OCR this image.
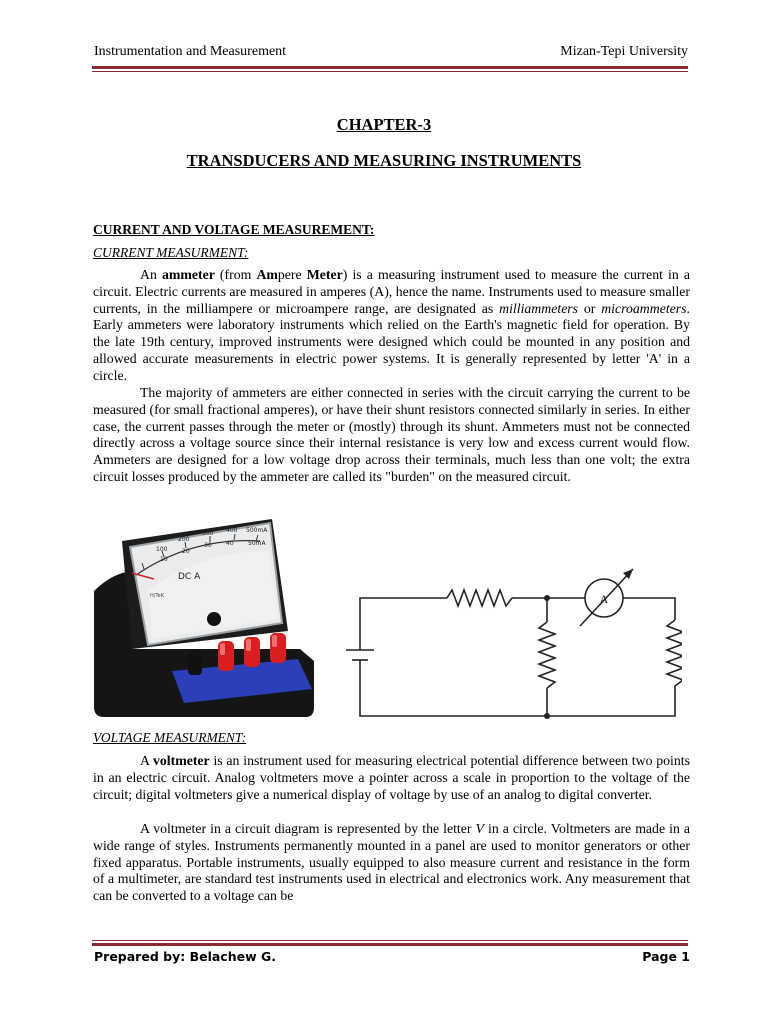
Instrumentation and Measurement	Mizan-Tepi University
CHAPTER-3
TRANSDUCERS AND MEASURING INSTRUMENTS
CURRENT AND VOLTAGE MEASUREMENT:
CURRENT MEASURMENT:

An ammeter (from Ampere Meter) is a measuring instrument used to measure the current in a circuit. Electric currents are measured in amperes (A), hence the name. Instruments used to measure smaller currents, in the milliampere or microampere range, are designated as milliammeters or microammeters. Early ammeters were laboratory instruments which relied on the Earth's magnetic field for operation. By the late 19th century, improved instruments were designed which could be mounted in any position and allowed accurate measurements in electric power systems. It is generally represented by letter 'A' in a circle.

The majority of ammeters are either connected in series with the circuit carrying the current to be measured (for small fractional amperes), or have their shunt resistors connected similarly in series. In either case, the current passes through the meter or (mostly) through its shunt. Ammeters must not be connected directly across a voltage source since their internal resistance is very low and excess current would flow. Ammeters are designed for a low voltage drop across their terminals, much less than one volt; the extra circuit losses produced by the ammeter are called its "burden" on the measured circuit.

100
200
300 400 500mA
10
20
30 40 50mA
DC A
H/TeK	A
VOLTAGE MEASURMENT:

A voltmeter is an instrument used for measuring electrical potential difference between two points in an electric circuit. Analog voltmeters move a pointer across a scale in proportion to the voltage of the circuit; digital voltmeters give a numerical display of voltage by use of an analog to digital converter.

A voltmeter in a circuit diagram is represented by the letter V in a circle. Voltmeters are made in a wide range of styles. Instruments permanently mounted in a panel are used to monitor generators or other fixed apparatus. Portable instruments, usually equipped to also measure current and resistance in the form of a multimeter, are standard test instruments used in electrical and electronics work. Any measurement that can be converted to a voltage can be

Prepared by: Belachew G.	Page 1
